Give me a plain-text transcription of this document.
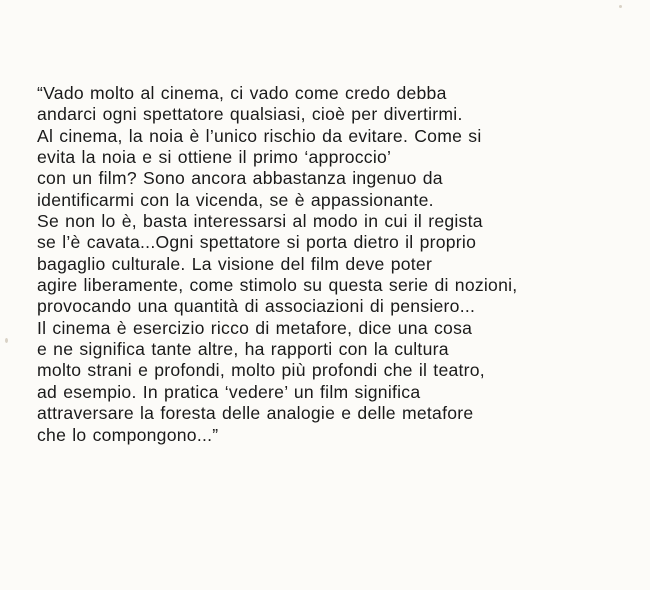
“Vado molto al cinema, ci vado come credo debba
andarci ogni spettatore qualsiasi, cioè per divertirmi.
Al cinema, la noia è l’unico rischio da evitare. Come si
evita la noia e si ottiene il primo ‘approccio’
con un film? Sono ancora abbastanza ingenuo da
identificarmi con la vicenda, se è appassionante.
Se non lo è, basta interessarsi al modo in cui il regista
se l’è cavata...Ogni spettatore si porta dietro il proprio
bagaglio culturale. La visione del film deve poter
agire liberamente, come stimolo su questa serie di nozioni,
provocando una quantità di associazioni di pensiero...
Il cinema è esercizio ricco di metafore, dice una cosa
e ne significa tante altre, ha rapporti con la cultura
molto strani e profondi, molto più profondi che il teatro,
ad esempio. In pratica ‘vedere’ un film significa
attraversare la foresta delle analogie e delle metafore
che lo compongono...”
